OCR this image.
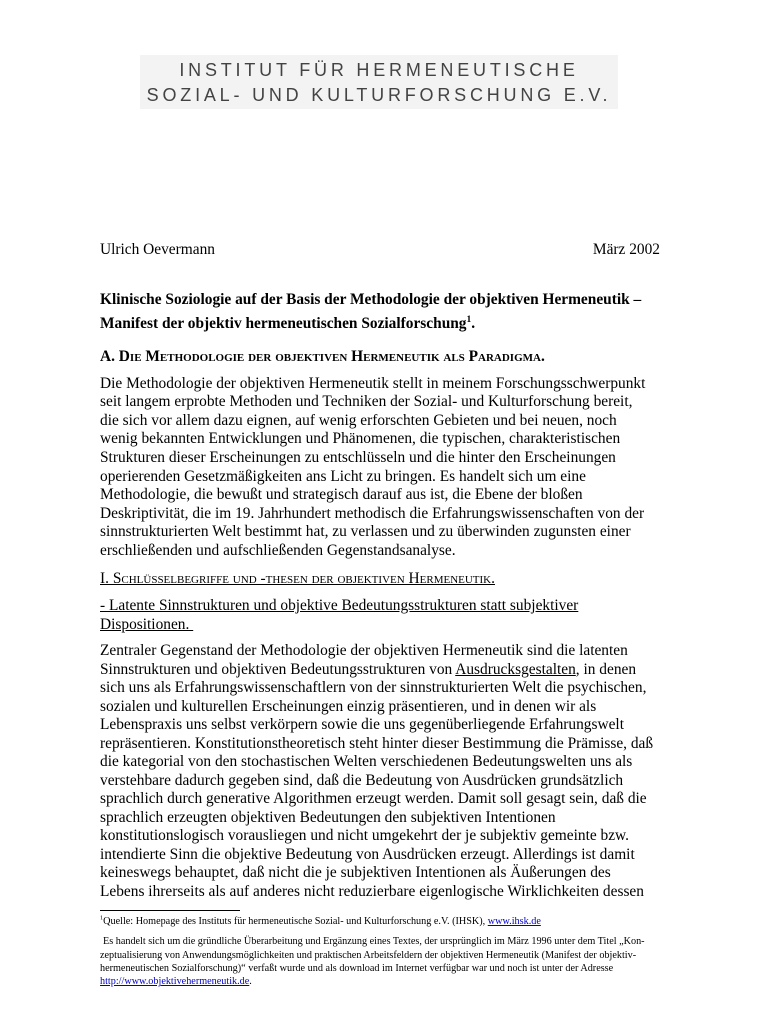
INSTITUT FÜR HERMENEUTISCHE
SOZIAL- UND KULTURFORSCHUNG E.V.
Ulrich Oevermann	März 2002
Klinische Soziologie auf der Basis der Methodologie der objektiven Hermeneutik –
Manifest der objektiv hermeneutischen Sozialforschung$^1$.
A. Die Methodologie der objektiven Hermeneutik als Paradigma.
Die Methodologie der objektiven Hermeneutik stellt in meinem Forschungsschwerpunkt
seit langem erprobte Methoden und Techniken der Sozial- und Kulturforschung bereit,
die sich vor allem dazu eignen, auf wenig erforschten Gebieten und bei neuen, noch
wenig bekannten Entwicklungen und Phänomenen, die typischen, charakteristischen
Strukturen dieser Erscheinungen zu entschlüsseln und die hinter den Erscheinungen
operierenden Gesetzmäßigkeiten ans Licht zu bringen. Es handelt sich um eine
Methodologie, die bewußt und strategisch darauf aus ist, die Ebene der bloßen
Deskriptivität, die im 19. Jahrhundert methodisch die Erfahrungswissenschaften von der
sinnstrukturierten Welt bestimmt hat, zu verlassen und zu überwinden zugunsten einer
erschließenden und aufschließenden Gegenstandsanalyse.
I. Schlüsselbegriffe und -thesen der objektiven Hermeneutik.
- Latente Sinnstrukturen und objektive Bedeutungsstrukturen statt subjektiver
Dispositionen.
Zentraler Gegenstand der Methodologie der objektiven Hermeneutik sind die latenten
Sinnstrukturen und objektiven Bedeutungsstrukturen von Ausdrucksgestalten, in denen
sich uns als Erfahrungswissenschaftlern von der sinnstrukturierten Welt die psychischen,
sozialen und kulturellen Erscheinungen einzig präsentieren, und in denen wir als
Lebenspraxis uns selbst verkörpern sowie die uns gegenüberliegende Erfahrungswelt
repräsentieren. Konstitutionstheoretisch steht hinter dieser Bestimmung die Prämisse, daß
die kategorial von den stochastischen Welten verschiedenen Bedeutungswelten uns als
verstehbare dadurch gegeben sind, daß die Bedeutung von Ausdrücken grundsätzlich
sprachlich durch generative Algorithmen erzeugt werden. Damit soll gesagt sein, daß die
sprachlich erzeugten objektiven Bedeutungen den subjektiven Intentionen
konstitutionslogisch vorausliegen und nicht umgekehrt der je subjektiv gemeinte bzw.
intendierte Sinn die objektive Bedeutung von Ausdrücken erzeugt. Allerdings ist damit
keineswegs behauptet, daß nicht die je subjektiven Intentionen als Äußerungen des
Lebens ihrerseits als auf anderes nicht reduzierbare eigenlogische Wirklichkeiten dessen
$^1$Quelle: Homepage des Instituts für hermeneutische Sozial- und Kulturforschung e.V. (IHSK), www.ihsk.de
Es handelt sich um die gründliche Überarbeitung und Ergänzung eines Textes, der ursprünglich im März 1996 unter dem Titel „Kon-
zeptualisierung von Anwendungsmöglichkeiten und praktischen Arbeitsfeldern der objektiven Hermeneutik (Manifest der objektiv-
hermeneutischen Sozialforschung)“ verfaßt wurde und als download im Internet verfügbar war und noch ist unter der Adresse
http://www.objektivehermeneutik.de.
